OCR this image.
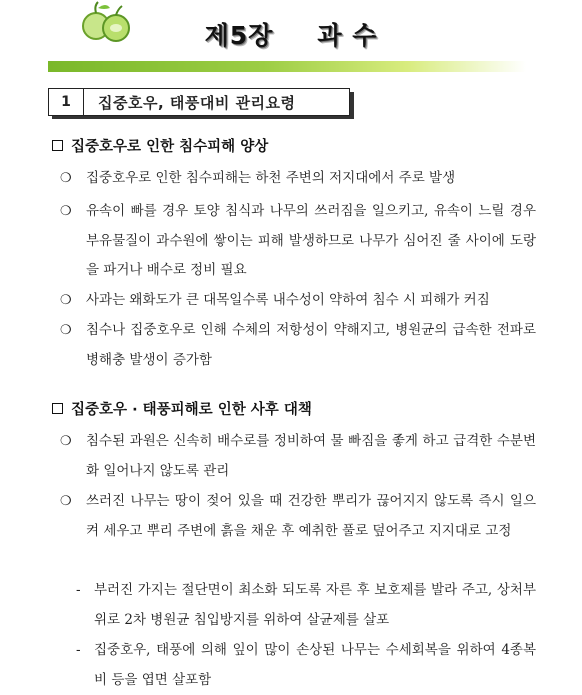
제5장 과 수
1	집중호우, 태풍대비 관리요령
집중호우로 인한 침수피해 양상
❍	집중호우로 인한 침수피해는 하천 주변의 저지대에서 주로 발생
❍	유속이 빠를 경우 토양 침식과 나무의 쓰러짐을 일으키고, 유속이 느릴 경우 부유물질이 과수원에 쌓이는 피해 발생하므로 나무가 심어진 줄 사이에 도랑을 파거나 배수로 정비 필요
❍	사과는 왜화도가 큰 대목일수록 내수성이 약하여 침수 시 피해가 커짐
❍	침수나 집중호우로 인해 수체의 저항성이 약해지고, 병원균의 급속한 전파로 병해충 발생이 증가함
집중호우 · 태풍피해로 인한 사후 대책
❍	침수된 과원은 신속히 배수로를 정비하여 물 빠짐을 좋게 하고 급격한 수분변화 일어나지 않도록 관리
❍	쓰러진 나무는 땅이 젖어 있을 때 건강한 뿌리가 끊어지지 않도록 즉시 일으켜 세우고 뿌리 주변에 흙을 채운 후 예취한 풀로 덮어주고 지지대로 고정
- 부러진 가지는 절단면이 최소화 되도록 자른 후 보호제를 발라 주고, 상처부위로 2차 병원균 침입방지를 위하여 살균제를 살포
- 집중호우, 태풍에 의해 잎이 많이 손상된 나무는 수세회복을 위하여 4종복비 등을 엽면 살포함
